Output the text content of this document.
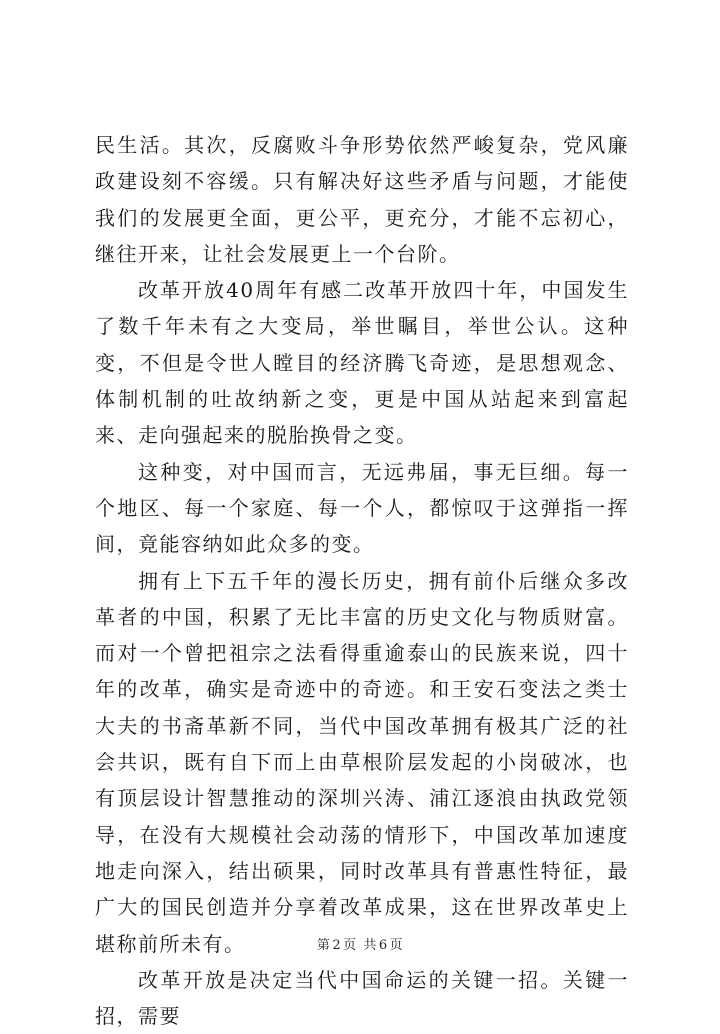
民生活。其次，反腐败斗争形势依然严峻复杂，党风廉政建设刻不容缓。只有解决好这些矛盾与问题，才能使我们的发展更全面，更公平，更充分，才能不忘初心，继往开来，让社会发展更上一个台阶。

改革开放40周年有感二改革开放四十年，中国发生了数千年未有之大变局，举世瞩目，举世公认。这种变，不但是令世人瞠目的经济腾飞奇迹，是思想观念、体制机制的吐故纳新之变，更是中国从站起来到富起来、走向强起来的脱胎换骨之变。

这种变，对中国而言，无远弗届，事无巨细。每一个地区、每一个家庭、每一个人，都惊叹于这弹指一挥间，竟能容纳如此众多的变。

拥有上下五千年的漫长历史，拥有前仆后继众多改革者的中国，积累了无比丰富的历史文化与物质财富。而对一个曾把祖宗之法看得重逾泰山的民族来说，四十年的改革，确实是奇迹中的奇迹。和王安石变法之类士大夫的书斋革新不同，当代中国改革拥有极其广泛的社会共识，既有自下而上由草根阶层发起的小岗破冰，也有顶层设计智慧推动的深圳兴涛、浦江逐浪由执政党领导，在没有大规模社会动荡的情形下，中国改革加速度地走向深入，结出硕果，同时改革具有普惠性特征，最广大的国民创造并分享着改革成果，这在世界改革史上堪称前所未有。

改革开放是决定当代中国命运的关键一招。关键一招，需要

第 2 页 共 6 页
